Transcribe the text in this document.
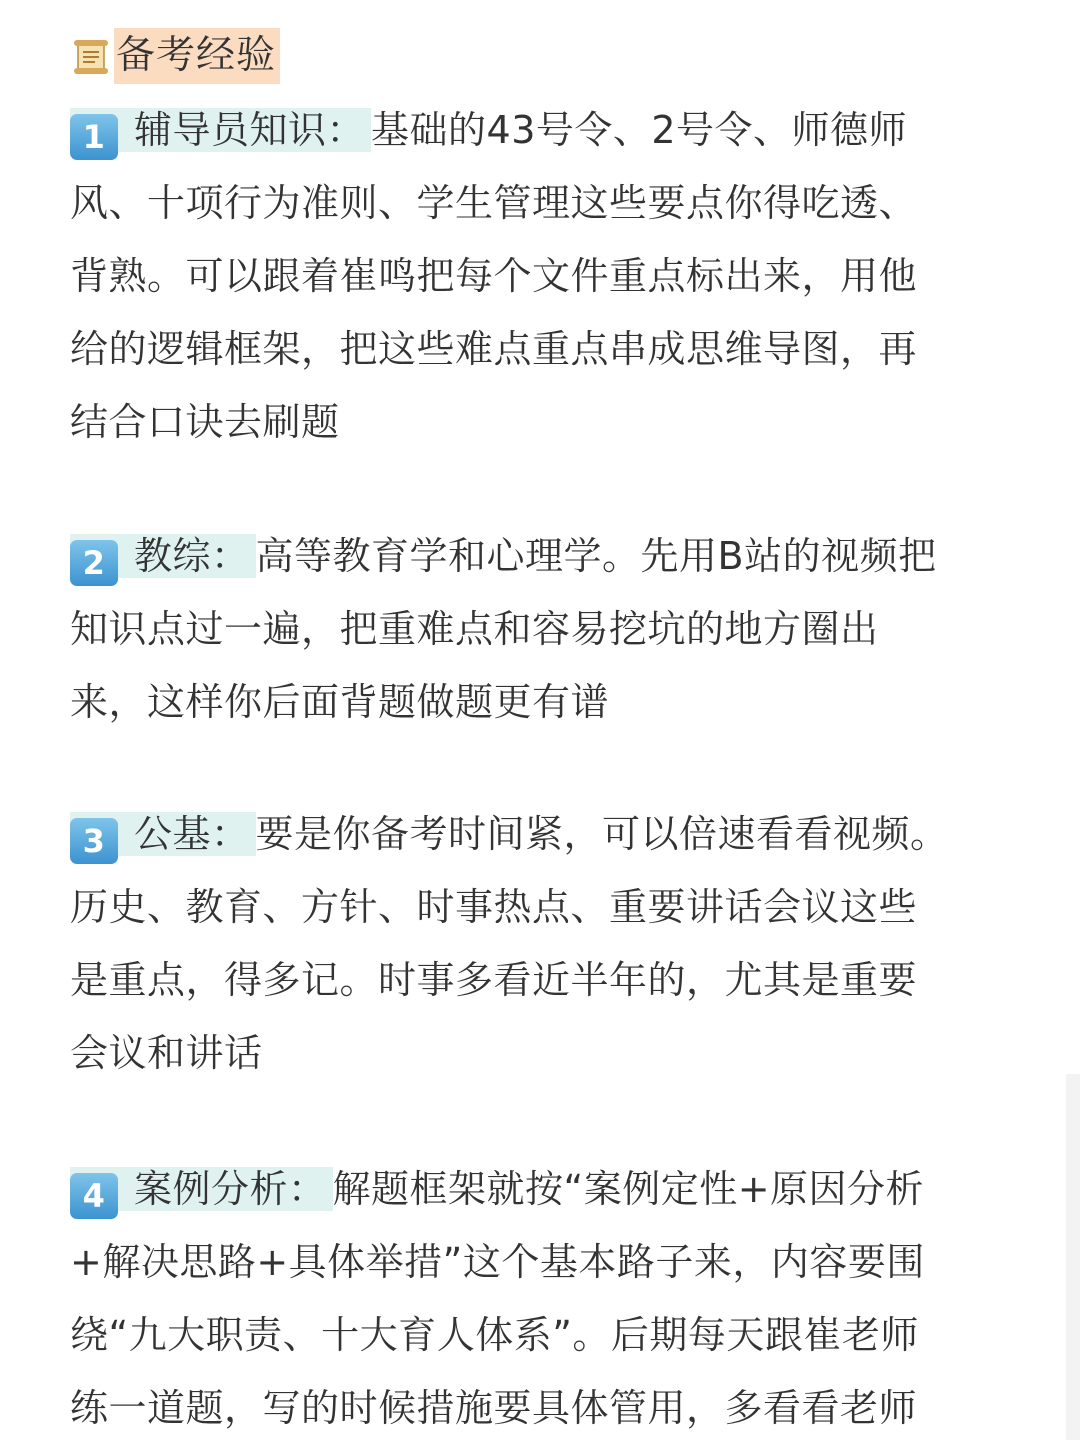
备考经验
1 辅导员知识： 基础的43号令、2号令、师德师
风、十项行为准则、学生管理这些要点你得吃透、
背熟。可以跟着崔鸣把每个文件重点标出来，用他
给的逻辑框架，把这些难点重点串成思维导图，再
结合口诀去刷题
2 教综： 高等教育学和心理学。先用B站的视频把
知识点过一遍，把重难点和容易挖坑的地方圈出
来，这样你后面背题做题更有谱
3 公基： 要是你备考时间紧，可以倍速看看视频。
历史、教育、方针、时事热点、重要讲话会议这些
是重点，得多记。时事多看近半年的，尤其是重要
会议和讲话
4 案例分析： 解题框架就按“案例定性+原因分析
+解决思路+具体举措”这个基本路子来，内容要围
绕“九大职责、十大育人体系”。后期每天跟崔老师
练一道题，写的时候措施要具体管用，多看看老师
